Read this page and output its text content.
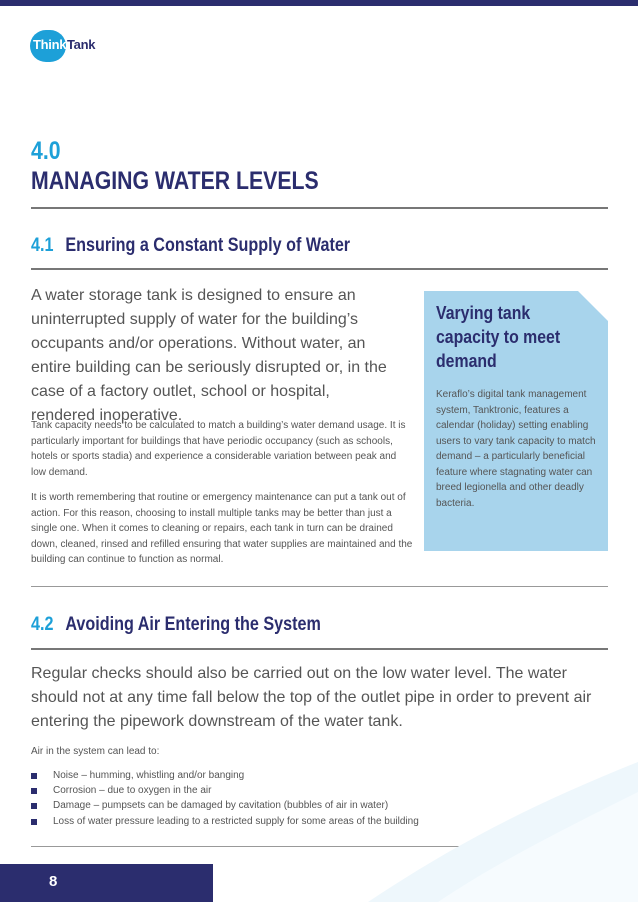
Think Tank
4.0
MANAGING WATER LEVELS
4.1 Ensuring a Constant Supply of Water

A water storage tank is designed to ensure an uninterrupted supply of water for the building’s occupants and/or operations. Without water, an entire building can be seriously disrupted or, in the case of a factory outlet, school or hospital, rendered inoperative.

Tank capacity needs to be calculated to match a building’s water demand usage. It is particularly important for buildings that have periodic occupancy (such as schools, hotels or sports stadia) and experience a considerable variation between peak and low demand.

It is worth remembering that routine or emergency maintenance can put a tank out of action. For this reason, choosing to install multiple tanks may be better than just a single one. When it comes to cleaning or repairs, each tank in turn can be drained down, cleaned, rinsed and refilled ensuring that water supplies are maintained and the building can continue to function as normal.

Varying tank capacity to meet demand

Keraflo’s digital tank management system, Tanktronic, features a calendar (holiday) setting enabling users to vary tank capacity to match demand – a particularly beneficial feature where stagnating water can breed legionella and other deadly bacteria.

4.2 Avoiding Air Entering the System

Regular checks should also be carried out on the low water level. The water should not at any time fall below the top of the outlet pipe in order to prevent air entering the pipework downstream of the water tank.

Air in the system can lead to:

Noise – humming, whistling and/or banging
Corrosion – due to oxygen in the air
Damage – pumpsets can be damaged by cavitation (bubbles of air in water)
Loss of water pressure leading to a restricted supply for some areas of the building
8
